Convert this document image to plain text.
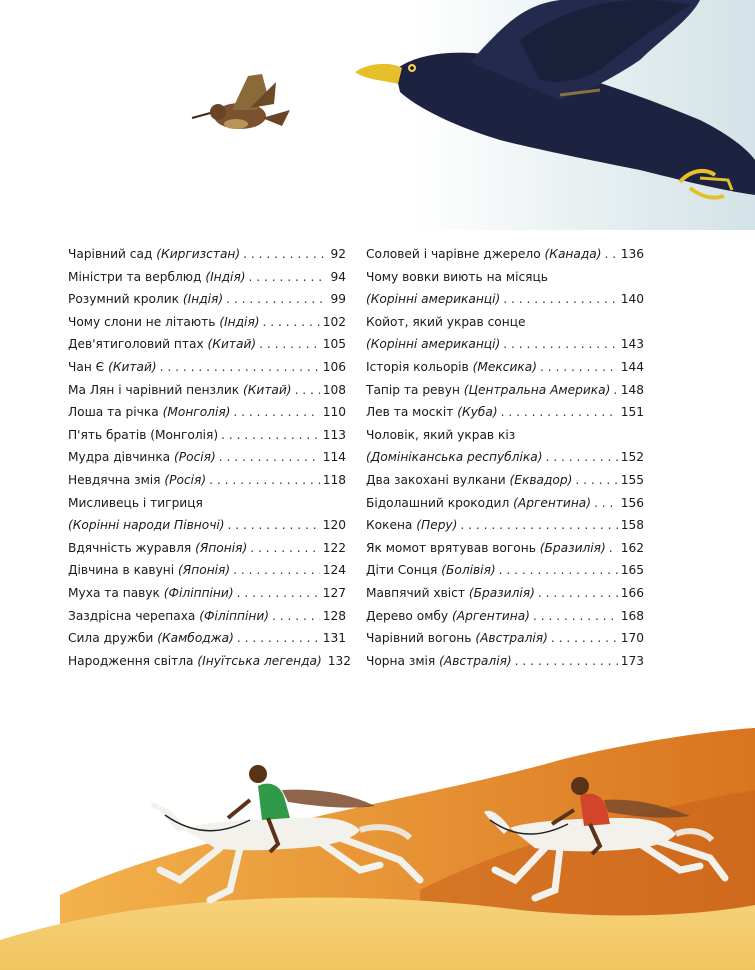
Чарівний сад (Киргизстан) . . .	92
Міністри та верблюд (Індія) . . .	94
Розумний кролик (Індія) . . .	99
Чому слони не літають (Індія) . . .	102
Дев'ятиголовий птах (Китай) . . .	105
Чан Є (Китай) . . .	106
Ма Лян і чарівний пензлик (Китай) . . .	108
Лоша та річка (Монголія) . . .	110
П'ять братів (Монголія) . . .	113
Мудра дівчинка (Росія) . . .	114
Невдячна змія (Росія) . . .	118
Мисливець і тигриця
(Корінні народи Півночі) . . .	120
Вдячність журавля (Японія) . . .	122
Дівчина в кавуні (Японія) . . .	124
Муха та павук (Філіппіни) . . .	127
Заздрісна черепаха (Філіппіни) . . .	128
Сила дружби (Камбоджа) . . .	131
Народження світла (Інуїтська легенда) 132
Соловей і чарівне джерело (Канада) . . . 136
Чому вовки виють на місяць
(Корінні американці) . . .	140
Койот, який украв сонце
(Корінні американці) . . .	143
Історія кольорів (Мексика) . . .	144
Тапір та ревун (Центральна Америка) . . . 148
Лев та москіт (Куба) . . .	151
Чоловік, який украв кіз
(Домініканська республіка) . . .	152
Два закохані вулкани (Еквадор) . . .	155
Бідолашний крокодил (Аргентина) . . . 156
Кокена (Перу) . . .	158
Як момот врятував вогонь (Бразилія) . . . 162
Діти Сонця (Болівія) . . .	165
Мавпячий хвіст (Бразилія) . . .	166
Дерево омбу (Аргентина) . . .	168
Чарівний вогонь (Австралія) . . .	170
Чорна змія (Австралія) . . .	173
